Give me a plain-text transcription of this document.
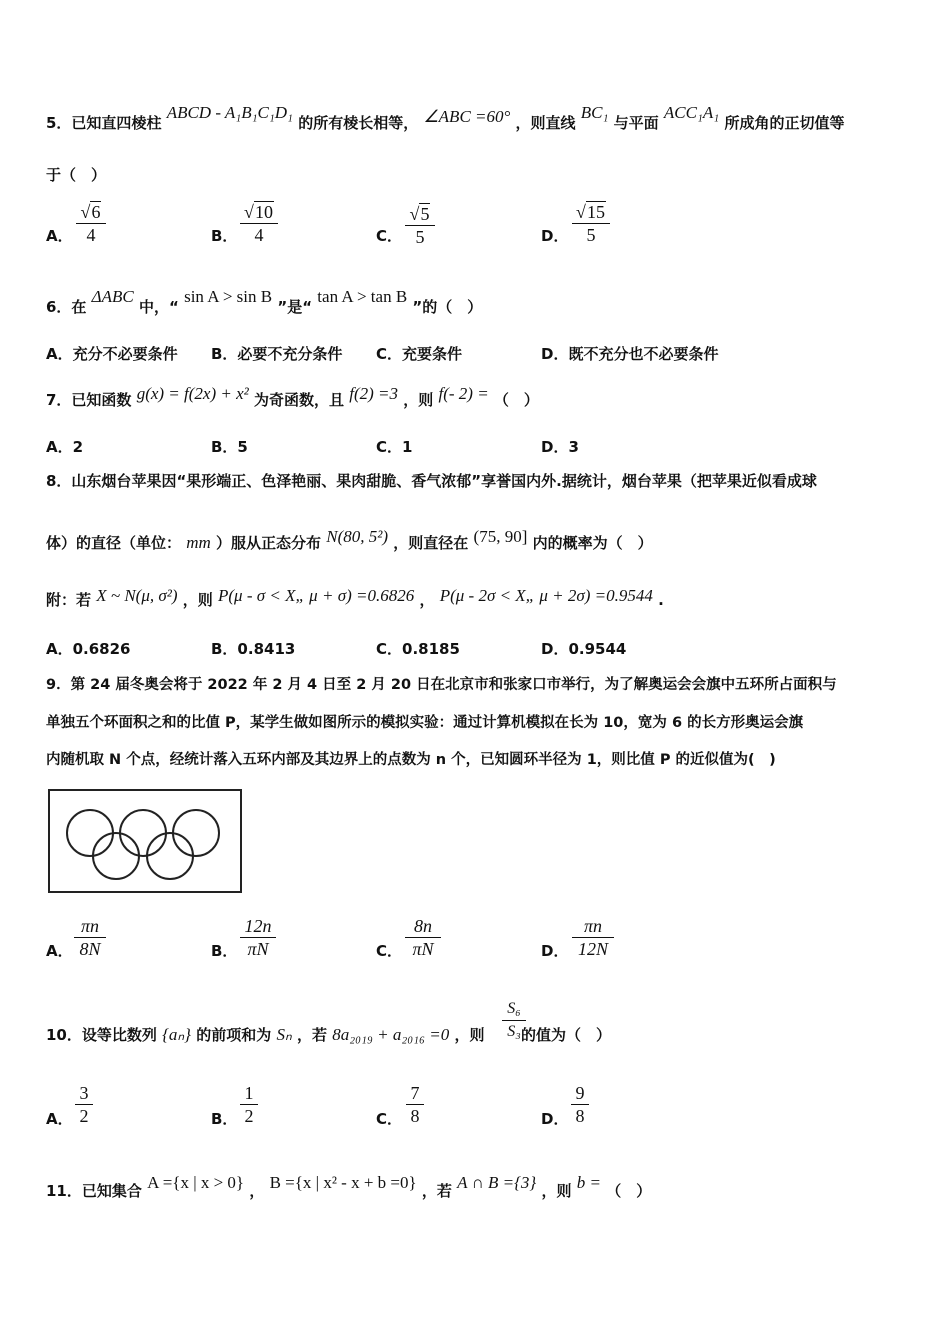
5．已知直四棱柱 ABCD - A₁B₁C₁D₁ 的所有棱长相等， ∠ABC =60° ，则直线 BC₁ 与平面 ACC₁A₁ 所成角的正切值等
于（　）
A． $\frac{√6}{4}$	B． $\frac{√10}{4}$	C． $\frac{√5}{5}$	D． $\frac{√15}{5}$
6．在 ΔABC 中，“ sin A > sin B ”是“ tan A > tan B ”的（　）
A．充分不必要条件 B．必要不充分条件 C．充要条件	D．既不充分也不必要条件
7．已知函数 g(x) = f(2x) + x² 为奇函数，且 f(2) =3 ，则 f(- 2) = （　）
A．2	B．5	C．1	D．3
8．山东烟台苹果因“果形端正、色泽艳丽、果肉甜脆、香气浓郁”享誉国内外.据统计，烟台苹果（把苹果近似看成球
体）的直径（单位： mm ）服从正态分布 N(80, 5²) ，则直径在 (75, 90] 内的概率为（　）
附：若 X ~ N(μ, σ²) ，则 P(μ - σ < X„ μ + σ) =0.6826 ， P(μ - 2σ < X„ μ + 2σ) =0.9544 .
A．0.6826	B．0.8413	C．0.8185	D．0.9544
9．第 24 届冬奥会将于 2022 年 2 月 4 日至 2 月 20 日在北京市和张家口市举行，为了解奥运会会旗中五环所占面积与
单独五个环面积之和的比值 P，某学生做如图所示的模拟实验：通过计算机模拟在长为 10，宽为 6 的长方形奥运会旗
内随机取 N 个点，经统计落入五环内部及其边界上的点数为 n 个，已知圆环半径为 1，则比值 P 的近似值为(　)
A． $\frac{\pi n}{8N}$	B． $\frac{12n}{\pi N}$	C． $\frac{8n}{\pi N}$	D． $\frac{\pi n}{12N}$
10．设等比数列 {aₙ} 的前项和为 Sₙ ，若 8a₂₀₁₉ + a₂₀₁₆ =0 ，则 的值为（　）
$\frac{\text{S₆}}{\text{S₃}}$
A． $\frac{3}{2}$	B． $\frac{1}{2}$	C． $\frac{7}{8}$	D． $\frac{9}{8}$
11．已知集合 A ={x | x > 0} ， B ={x | x² - x + b =0} ，若 A ∩ B ={3} ，则 b = （　）
